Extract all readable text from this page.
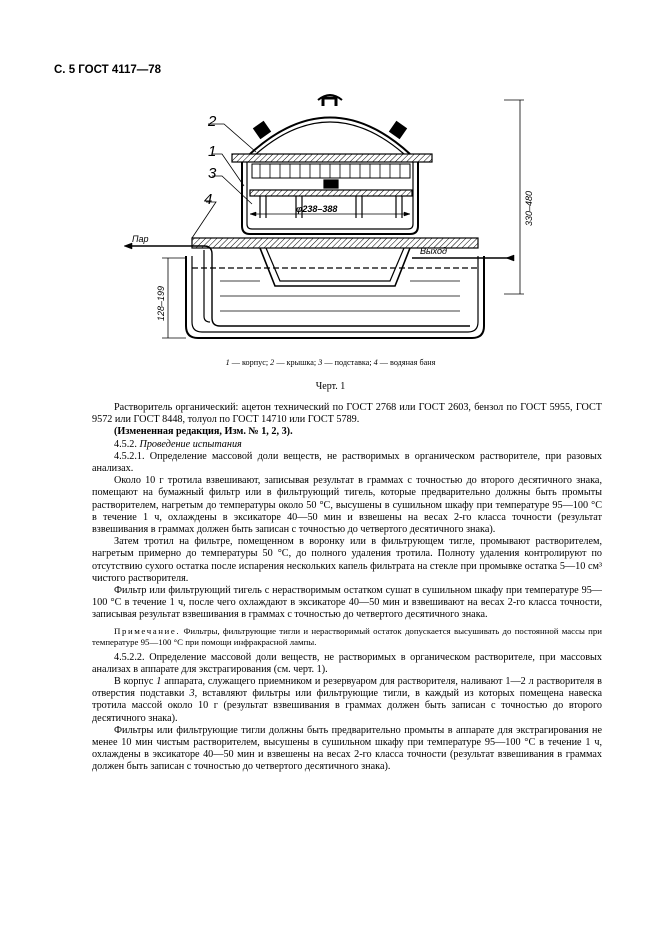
С. 5 ГОСТ 4117—78
2
1
3
4
φ238–388	330–480
128–199
Пар
Выход
1 — корпус; 2 — крышка; 3 — подставка; 4 — водяная баня
Черт. 1

Растворитель органический: ацетон технический по ГОСТ 2768 или ГОСТ 2603, бензол по ГОСТ 5955, ГОСТ 9572 или ГОСТ 8448, толуол по ГОСТ 14710 или ГОСТ 5789.

(Измененная редакция, Изм. № 1, 2, 3).

4.5.2. Проведение испытания

4.5.2.1. Определение массовой доли веществ, не растворимых в органическом растворителе, при разовых анализах.

Около 10 г тротила взвешивают, записывая результат в граммах с точностью до второго десятичного знака, помещают на бумажный фильтр или в фильтрующий тигель, которые предварительно должны быть промыты растворителем, нагретым до температуры около 50 °С, высушены в сушильном шкафу при температуре 95—100 °С в течение 1 ч, охлаждены в эксикаторе 40—50 мин и взвешены на весах 2-го класса точности (результат взвешивания в граммах должен быть записан с точностью до четвертого десятичного знака).

Затем тротил на фильтре, помещенном в воронку или в фильтрующем тигле, промывают растворителем, нагретым примерно до температуры 50 °С, до полного удаления тротила. Полноту удаления контролируют по отсутствию сухого остатка после испарения нескольких капель фильтрата на стекле при промывке остатка 5—10 см³ чистого растворителя.

Фильтр или фильтрующий тигель с нерастворимым остатком сушат в сушильном шкафу при температуре 95—100 °С в течение 1 ч, после чего охлаждают в эксикаторе 40—50 мин и взвешивают на весах 2-го класса точности, записывая результат взвешивания в граммах с точностью до четвертого десятичного знака.

Примечание. Фильтры, фильтрующие тигли и нерастворимый остаток допускается высушивать до постоянной массы при температуре 95—100 °С при помощи инфракрасной лампы.

4.5.2.2. Определение массовой доли веществ, не растворимых в органическом растворителе, при массовых анализах в аппарате для экстрагирования (см. черт. 1).

В корпус 1 аппарата, служащего приемником и резервуаром для растворителя, наливают 1—2 л растворителя в отверстия подставки 3, вставляют фильтры или фильтрующие тигли, в каждый из которых помещена навеска тротила массой около 10 г (результат взвешивания в граммах должен быть записан с точностью до второго десятичного знака).

Фильтры или фильтрующие тигли должны быть предварительно промыты в аппарате для экстрагирования не менее 10 мин чистым растворителем, высушены в сушильном шкафу при температуре 95—100 °С в течение 1 ч, охлаждены в эксикаторе 40—50 мин и взвешены на весах 2-го класса точности (результат взвешивания в граммах должен быть записан с точностью до четвертого десятичного знака).
